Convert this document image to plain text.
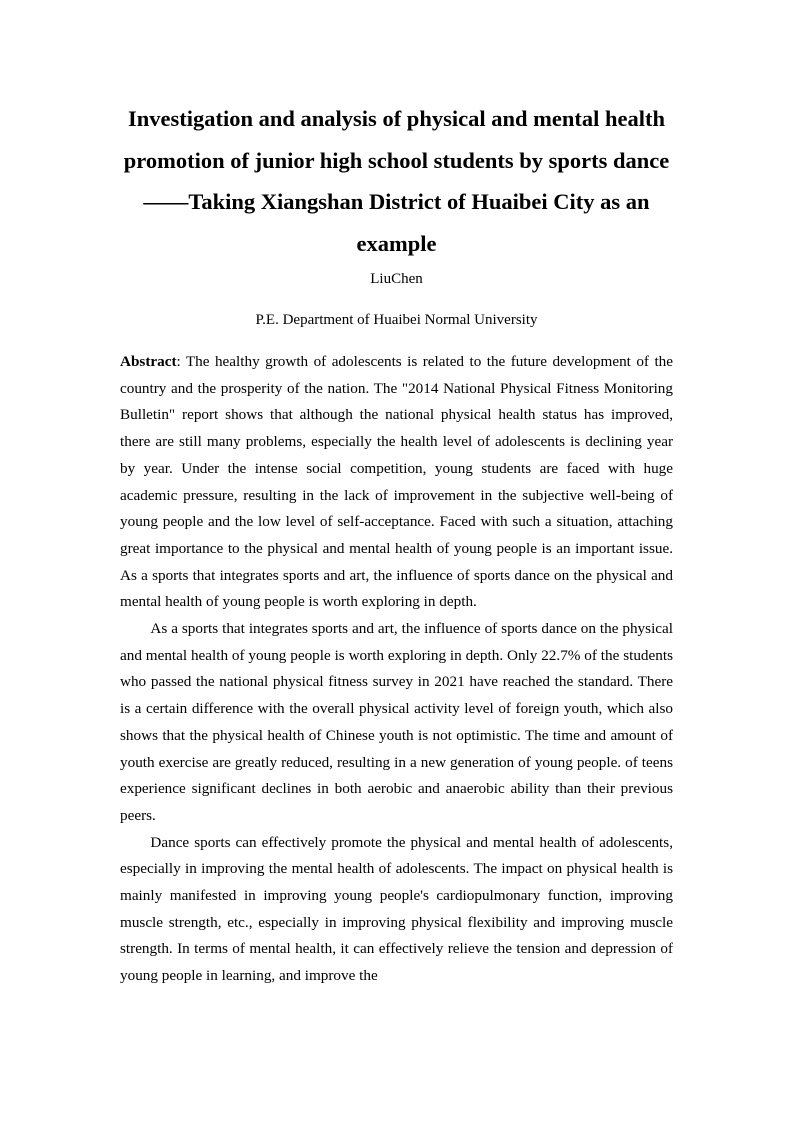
Investigation and analysis of physical and mental health promotion of junior high school students by sports dance——Taking Xiangshan District of Huaibei City as an example

LiuChen

P.E. Department of Huaibei Normal University

Abstract: The healthy growth of adolescents is related to the future development of the country and the prosperity of the nation. The "2014 National Physical Fitness Monitoring Bulletin" report shows that although the national physical health status has improved, there are still many problems, especially the health level of adolescents is declining year by year. Under the intense social competition, young students are faced with huge academic pressure, resulting in the lack of improvement in the subjective well-being of young people and the low level of self-acceptance. Faced with such a situation, attaching great importance to the physical and mental health of young people is an important issue. As a sports that integrates sports and art, the influence of sports dance on the physical and mental health of young people is worth exploring in depth.

As a sports that integrates sports and art, the influence of sports dance on the physical and mental health of young people is worth exploring in depth. Only 22.7% of the students who passed the national physical fitness survey in 2021 have reached the standard. There is a certain difference with the overall physical activity level of foreign youth, which also shows that the physical health of Chinese youth is not optimistic. The time and amount of youth exercise are greatly reduced, resulting in a new generation of young people. of teens experience significant declines in both aerobic and anaerobic ability than their previous peers.

Dance sports can effectively promote the physical and mental health of adolescents, especially in improving the mental health of adolescents. The impact on physical health is mainly manifested in improving young people's cardiopulmonary function, improving muscle strength, etc., especially in improving physical flexibility and improving muscle strength. In terms of mental health, it can effectively relieve the tension and depression of young people in learning, and improve the
